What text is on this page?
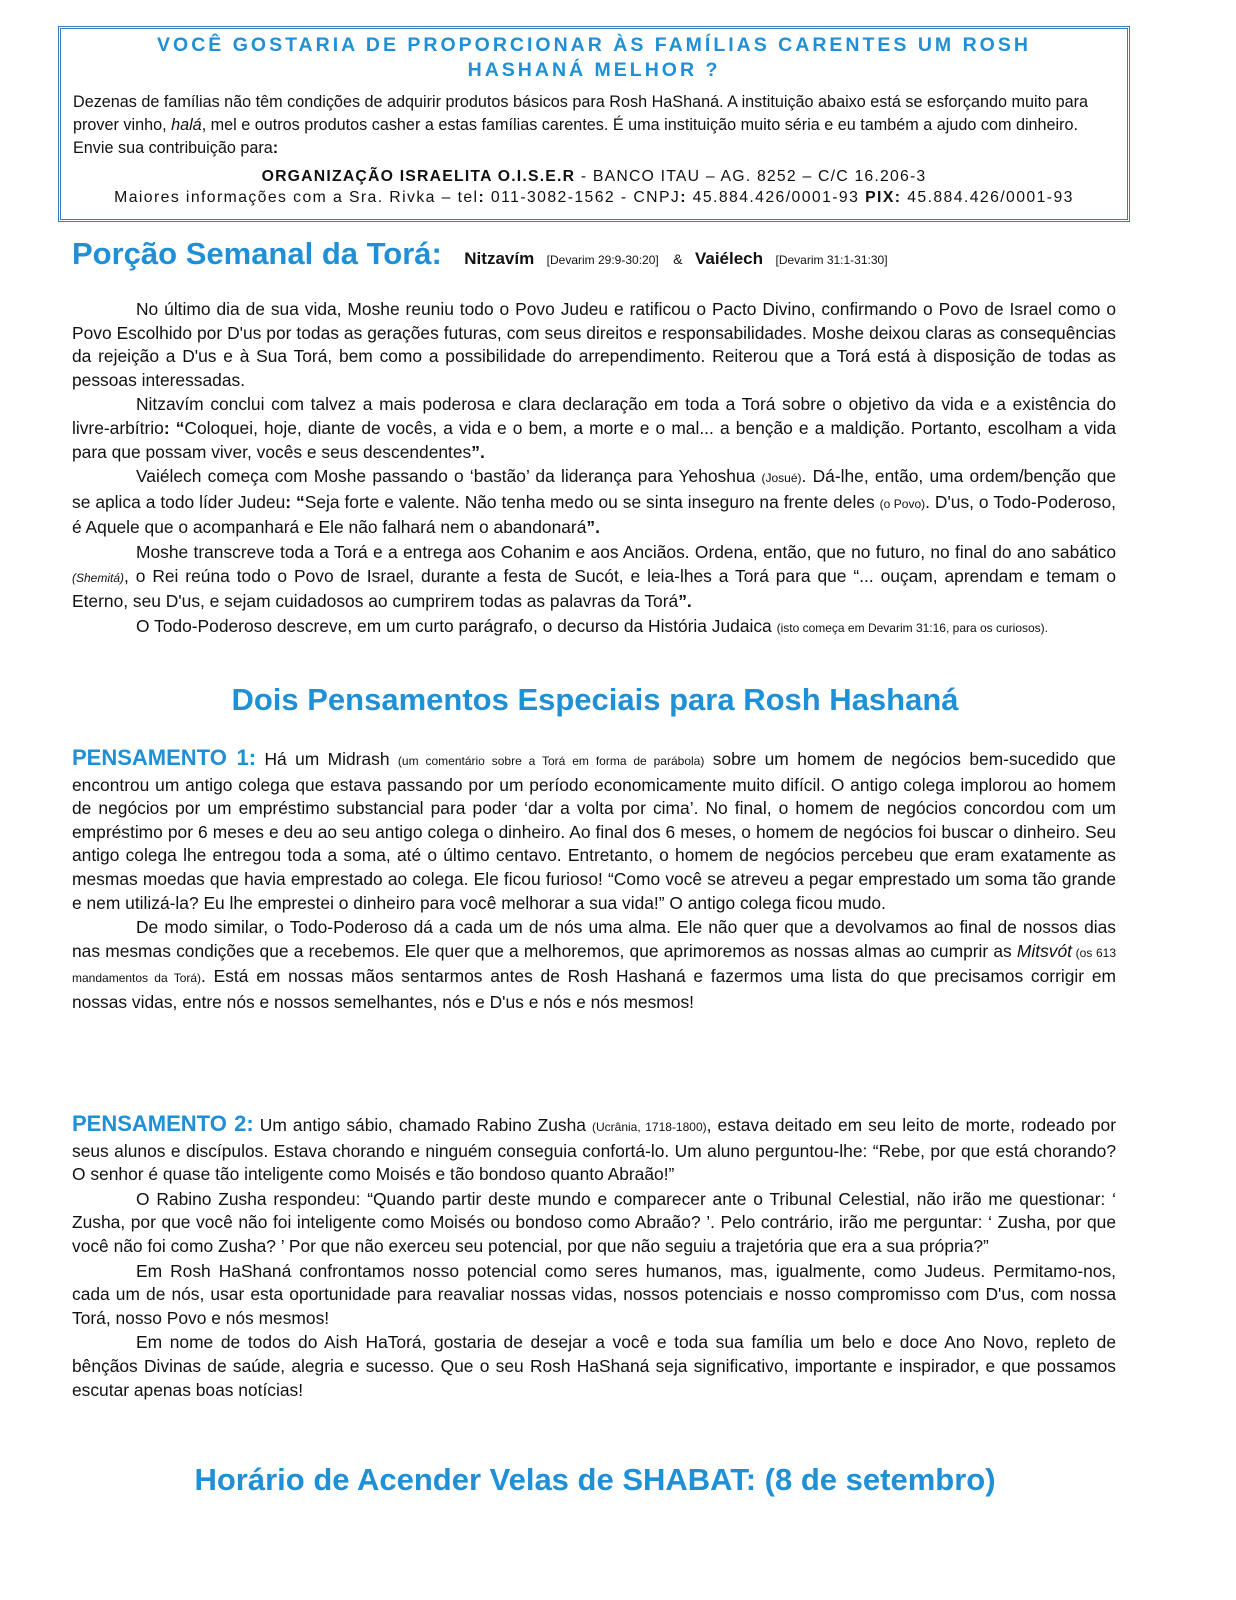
VOCÊ GOSTARIA DE PROPORCIONAR ÀS FAMÍLIAS CARENTES UM ROSH
HASHANÁ MELHOR ?

Dezenas de famílias não têm condições de adquirir produtos básicos para Rosh HaShaná. A instituição abaixo está se esforçando muito para prover vinho, halá, mel e outros produtos casher a estas famílias carentes. É uma instituição muito séria e eu também a ajudo com dinheiro. Envie sua contribuição para:

ORGANIZAÇÃO ISRAELITA O.I.S.E.R - BANCO ITAU – AG. 8252 – C/C 16.206-3

Maiores informações com a Sra. Rivka – tel: 011-3082-1562 - CNPJ: 45.884.426/0001-93 PIX: 45.884.426/0001-93

Porção Semanal da Torá: Nitzavím [Devarim 29:9-30:20] & Vaiélech [Devarim 31:1-31:30]

No último dia de sua vida, Moshe reuniu todo o Povo Judeu e ratificou o Pacto Divino, confirmando o Povo de Israel como o Povo Escolhido por D'us por todas as gerações futuras, com seus direitos e responsabilidades. Moshe deixou claras as consequências da rejeição a D'us e à Sua Torá, bem como a possibilidade do arrependimento. Reiterou que a Torá está à disposição de todas as pessoas interessadas.

Nitzavím conclui com talvez a mais poderosa e clara declaração em toda a Torá sobre o objetivo da vida e a existência do livre-arbítrio: “Coloquei, hoje, diante de vocês, a vida e o bem, a morte e o mal... a benção e a maldição. Portanto, escolham a vida para que possam viver, vocês e seus descendentes”.

Vaiélech começa com Moshe passando o ‘bastão’ da liderança para Yehoshua (Josué). Dá-lhe, então, uma ordem/benção que se aplica a todo líder Judeu: “Seja forte e valente. Não tenha medo ou se sinta inseguro na frente deles (o Povo). D'us, o Todo-Poderoso, é Aquele que o acompanhará e Ele não falhará nem o abandonará”.

Moshe transcreve toda a Torá e a entrega aos Cohanim e aos Anciãos. Ordena, então, que no futuro, no final do ano sabático (Shemitá), o Rei reúna todo o Povo de Israel, durante a festa de Sucót, e leia-lhes a Torá para que “... ouçam, aprendam e temam o Eterno, seu D'us, e sejam cuidadosos ao cumprirem todas as palavras da Torá”.

O Todo-Poderoso descreve, em um curto parágrafo, o decurso da História Judaica (isto começa em Devarim 31:16, para os curiosos).

Dois Pensamentos Especiais para Rosh Hashaná

PENSAMENTO 1: Há um Midrash (um comentário sobre a Torá em forma de parábola) sobre um homem de negócios bem-sucedido que encontrou um antigo colega que estava passando por um período economicamente muito difícil. O antigo colega implorou ao homem de negócios por um empréstimo substancial para poder ‘dar a volta por cima’. No final, o homem de negócios concordou com um empréstimo por 6 meses e deu ao seu antigo colega o dinheiro. Ao final dos 6 meses, o homem de negócios foi buscar o dinheiro. Seu antigo colega lhe entregou toda a soma, até o último centavo. Entretanto, o homem de negócios percebeu que eram exatamente as mesmas moedas que havia emprestado ao colega. Ele ficou furioso! “Como você se atreveu a pegar emprestado um soma tão grande e nem utilizá-la? Eu lhe emprestei o dinheiro para você melhorar a sua vida!” O antigo colega ficou mudo.

De modo similar, o Todo-Poderoso dá a cada um de nós uma alma. Ele não quer que a devolvamos ao final de nossos dias nas mesmas condições que a recebemos. Ele quer que a melhoremos, que aprimoremos as nossas almas ao cumprir as Mitsvót (os 613 mandamentos da Torá). Está em nossas mãos sentarmos antes de Rosh Hashaná e fazermos uma lista do que precisamos corrigir em nossas vidas, entre nós e nossos semelhantes, nós e D'us e nós e nós mesmos!

PENSAMENTO 2: Um antigo sábio, chamado Rabino Zusha (Ucrânia, 1718-1800), estava deitado em seu leito de morte, rodeado por seus alunos e discípulos. Estava chorando e ninguém conseguia confortá-lo. Um aluno perguntou-lhe: “Rebe, por que está chorando? O senhor é quase tão inteligente como Moisés e tão bondoso quanto Abraão!”

O Rabino Zusha respondeu: “Quando partir deste mundo e comparecer ante o Tribunal Celestial, não irão me questionar: ‘ Zusha, por que você não foi inteligente como Moisés ou bondoso como Abraão? ’. Pelo contrário, irão me perguntar: ‘ Zusha, por que você não foi como Zusha? ’ Por que não exerceu seu potencial, por que não seguiu a trajetória que era a sua própria?”

Em Rosh HaShaná confrontamos nosso potencial como seres humanos, mas, igualmente, como Judeus. Permitamo-nos, cada um de nós, usar esta oportunidade para reavaliar nossas vidas, nossos potenciais e nosso compromisso com D'us, com nossa Torá, nosso Povo e nós mesmos!

Em nome de todos do Aish HaTorá, gostaria de desejar a você e toda sua família um belo e doce Ano Novo, repleto de bênçãos Divinas de saúde, alegria e sucesso. Que o seu Rosh HaShaná seja significativo, importante e inspirador, e que possamos escutar apenas boas notícias!

Horário de Acender Velas de SHABAT: (8 de setembro)
